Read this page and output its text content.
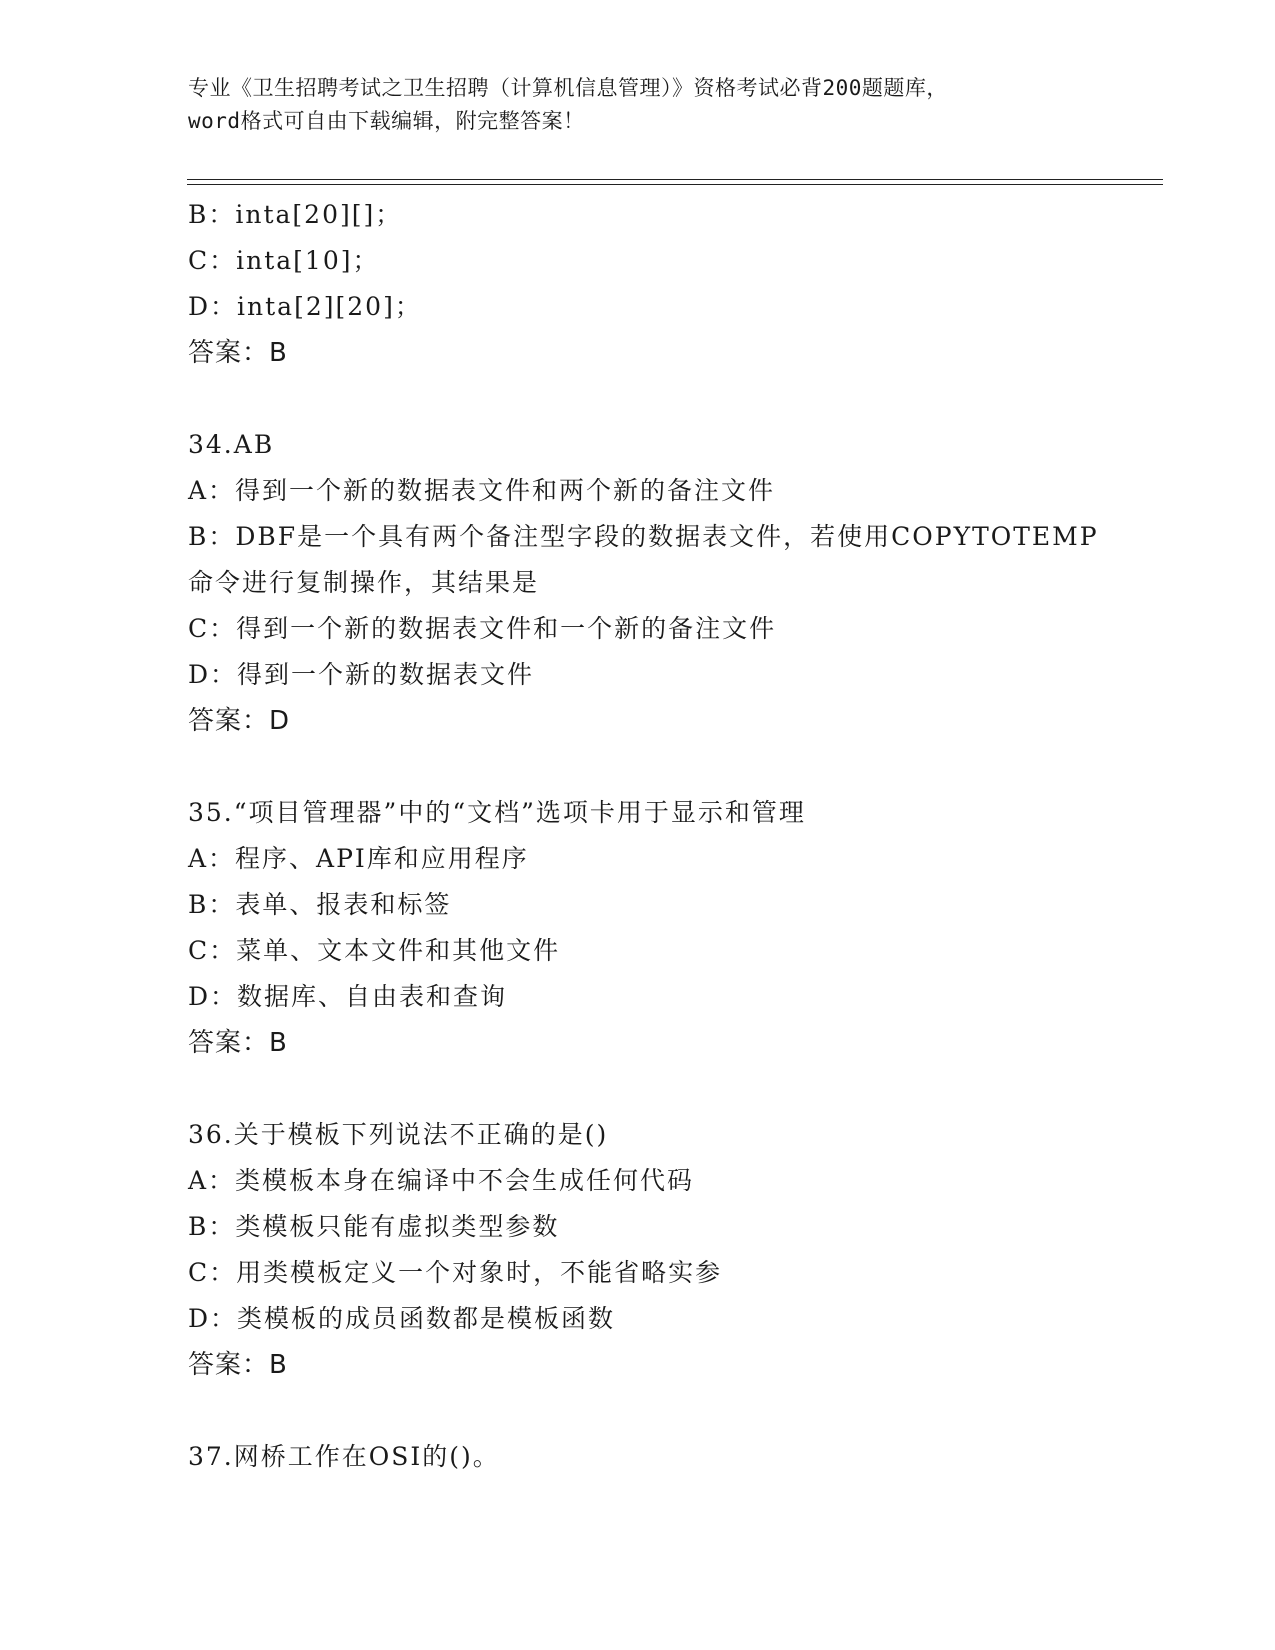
专业《卫生招聘考试之卫生招聘（计算机信息管理）》资格考试必背200题题库，
word格式可自由下载编辑，附完整答案！
B：inta[20][]；
C：inta[10]；
D：inta[2][20]；
答案：B
34.AB
A：得到一个新的数据表文件和两个新的备注文件
B：DBF是一个具有两个备注型字段的数据表文件，若使用COPYTOTEMP
命令进行复制操作，其结果是
C：得到一个新的数据表文件和一个新的备注文件
D：得到一个新的数据表文件
答案：D
35.“项目管理器”中的“文档”选项卡用于显示和管理
A：程序、API库和应用程序
B：表单、报表和标签
C：菜单、文本文件和其他文件
D：数据库、自由表和查询
答案：B
36.关于模板下列说法不正确的是()
A：类模板本身在编译中不会生成任何代码
B：类模板只能有虚拟类型参数
C：用类模板定义一个对象时，不能省略实参
D：类模板的成员函数都是模板函数
答案：B
37.网桥工作在OSI的()。
